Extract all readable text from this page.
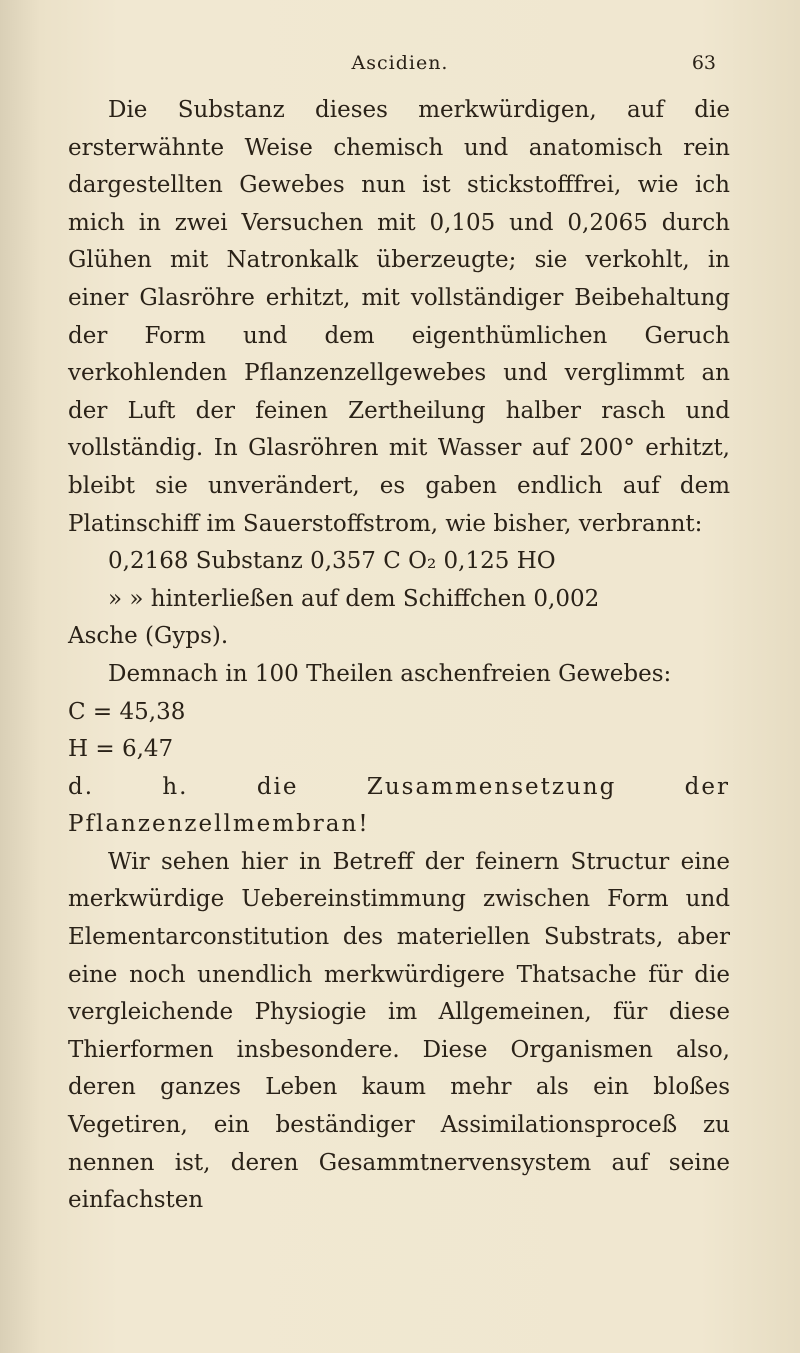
Ascidien.	63

Die Substanz dieses merkwürdigen, auf die ersterwähnte Weise chemisch und anatomisch rein dargestellten Gewebes nun ist stickstofffrei, wie ich mich in zwei Versuchen mit 0,105 und 0,2065 durch Glühen mit Natronkalk überzeugte; sie verkohlt, in einer Glasröhre erhitzt, mit vollständiger Beibehaltung der Form und dem eigenthümlichen Geruch verkohlenden Pflanzenzellgewebes und verglimmt an der Luft der feinen Zertheilung halber rasch und vollständig. In Glasröhren mit Wasser auf 200° erhitzt, bleibt sie unverändert, es gaben endlich auf dem Platinschiff im Sauerstoffstrom, wie bisher, verbrannt:

0,2168 Substanz 0,357 C O₂ 0,125 HO

» » hinterließen auf dem Schiffchen 0,002

Asche (Gyps).

Demnach in 100 Theilen aschenfreien Gewebes:

C = 45,38

H = 6,47

d. h. die Zusammensetzung der Pflanzenzellmembran!

Wir sehen hier in Betreff der feinern Structur eine merkwürdige Uebereinstimmung zwischen Form und Elementarconstitution des materiellen Substrats, aber eine noch unendlich merkwürdigere Thatsache für die vergleichende Physiogie im Allgemeinen, für diese Thierformen insbesondere. Diese Organismen also, deren ganzes Leben kaum mehr als ein bloßes Vegetiren, ein beständiger Assimilationsproceß zu nennen ist, deren Gesammtnervensystem auf seine einfachsten
